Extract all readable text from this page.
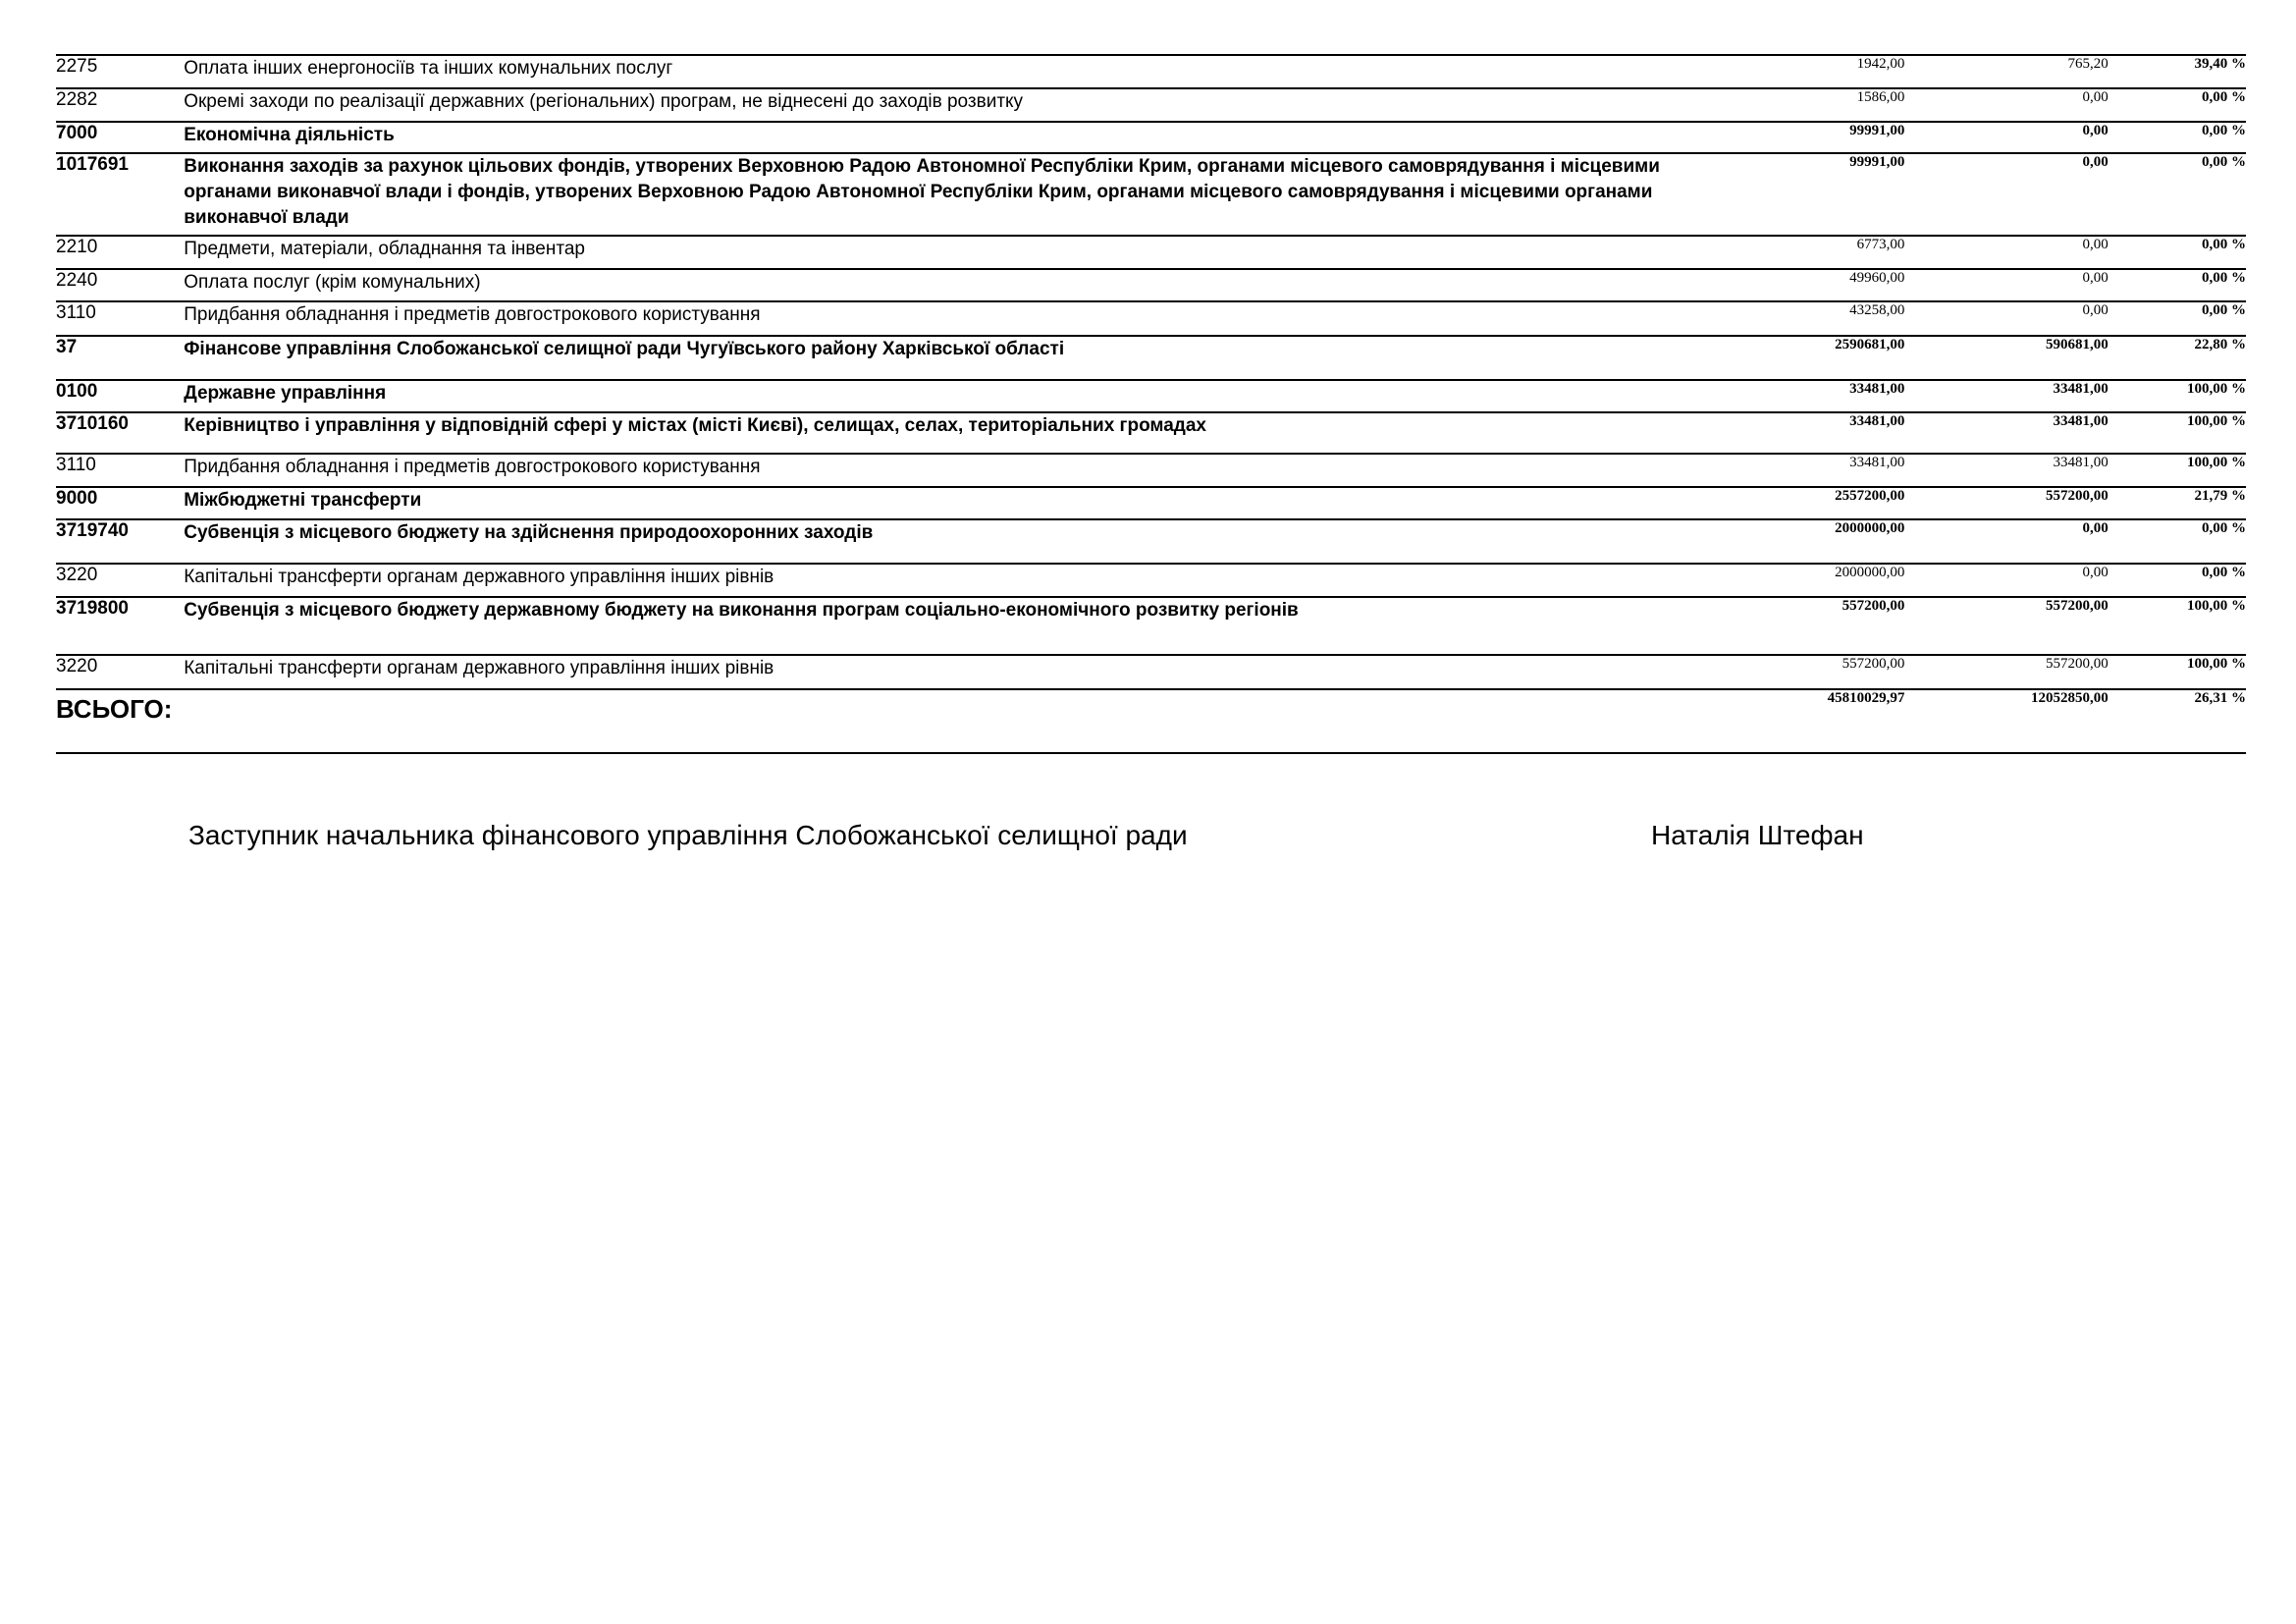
2275	Оплата інших енергоносіїв та інших комунальних послуг	1942,00	765,20	39,40 %
2282	Окремі заходи по реалізації державних (регіональних) програм, не віднесені до заходів розвитку	1586,00	0,00	0,00 %
7000	Економічна діяльність	99991,00	0,00	0,00 %
1017691	Виконання заходів за рахунок цільових фондів, утворених Верховною Радою Автономної Республіки Крим, органами місцевого самоврядування і місцевими органами виконавчої влади і фондів, утворених Верховною Радою Автономної Республіки Крим, органами місцевого самоврядування і місцевими органами виконавчої влади	99991,00	0,00	0,00 %
2210	Предмети, матеріали, обладнання та інвентар	6773,00	0,00	0,00 %
2240	Оплата послуг (крім комунальних)	49960,00	0,00	0,00 %
3110	Придбання обладнання і предметів довгострокового користування	43258,00	0,00	0,00 %
37	Фінансове управління Слобожанської селищної ради Чугуївського району Харківської області	2590681,00	590681,00	22,80 %
0100	Державне управління	33481,00	33481,00	100,00 %
3710160	Керівництво і управління у відповідній сфері у містах (місті Києві), селищах, селах, територіальних громадах	33481,00	33481,00	100,00 %
3110	Придбання обладнання і предметів довгострокового користування	33481,00	33481,00	100,00 %
9000	Міжбюджетні трансферти	2557200,00	557200,00	21,79 %
3719740	Субвенція з місцевого бюджету на здійснення природоохоронних заходів	2000000,00	0,00	0,00 %
3220	Капітальні трансферти органам державного управління інших рівнів	2000000,00	0,00	0,00 %
3719800	Субвенція з місцевого бюджету державному бюджету на виконання програм соціально-економічного розвитку регіонів	557200,00	557200,00	100,00 %
3220	Капітальні трансферти органам державного управління інших рівнів	557200,00	557200,00	100,00 %
ВСЬОГО:		45810029,97	12052850,00	26,31 %
Заступник начальника фінансового управління Слобожанської селищної ради	Наталія Штефан
